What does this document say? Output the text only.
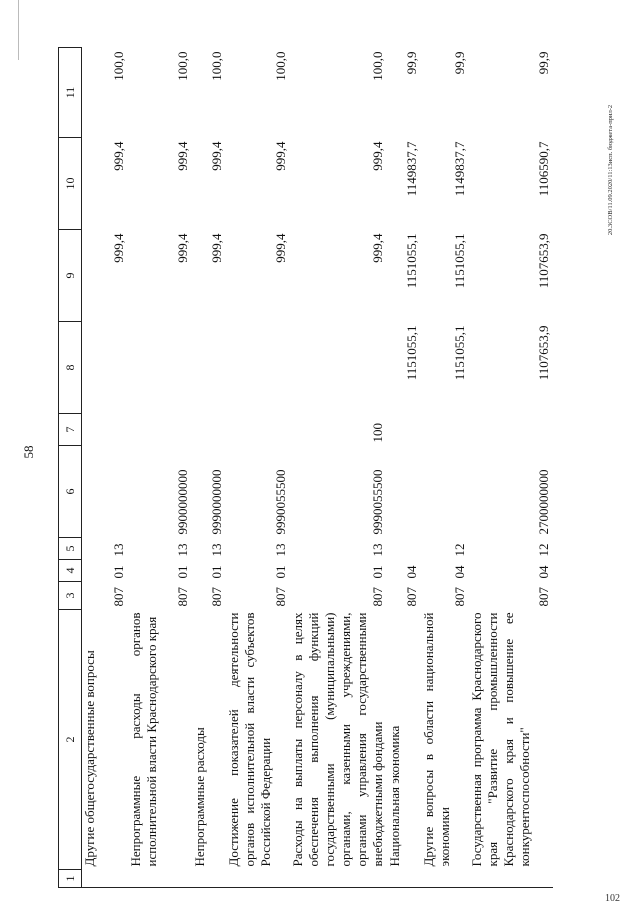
58
20.3СОВ/11.09.2020/11:13исп. бюджета-прил-2
102
1	2	3	4	5	6	7	8	9	10	11
	Другие общегосударственные вопросы	807	01	13				999,4	999,4	100,0
	Непрограммные расходы органов исполнительной власти Краснодарского края	807	01	13	9900000000			999,4	999,4	100,0
	Непрограммные расходы	807	01	13	9990000000			999,4	999,4	100,0
	Достижение показателей деятельности органов исполнительной власти субъектов Российской Федерации	807	01	13	9990055500			999,4	999,4	100,0
	Расходы на выплаты персоналу в целях обеспечения выполнения функций государственными (муниципальными) органами, казенными учреждениями, органами управления государственными внебюджетными фондами	807	01	13	9990055500	100		999,4	999,4	100,0
	Национальная экономика	807	04				1151055,1	1151055,1	1149837,7	99,9
	Другие вопросы в области национальной экономики	807	04	12			1151055,1	1151055,1	1149837,7	99,9
	Государственная программа Краснодарского края "Развитие промышленности Краснодарского края и повышение ее конкурентоспособности"	807	04	12	2700000000		1107653,9	1107653,9	1106590,7	99,9
